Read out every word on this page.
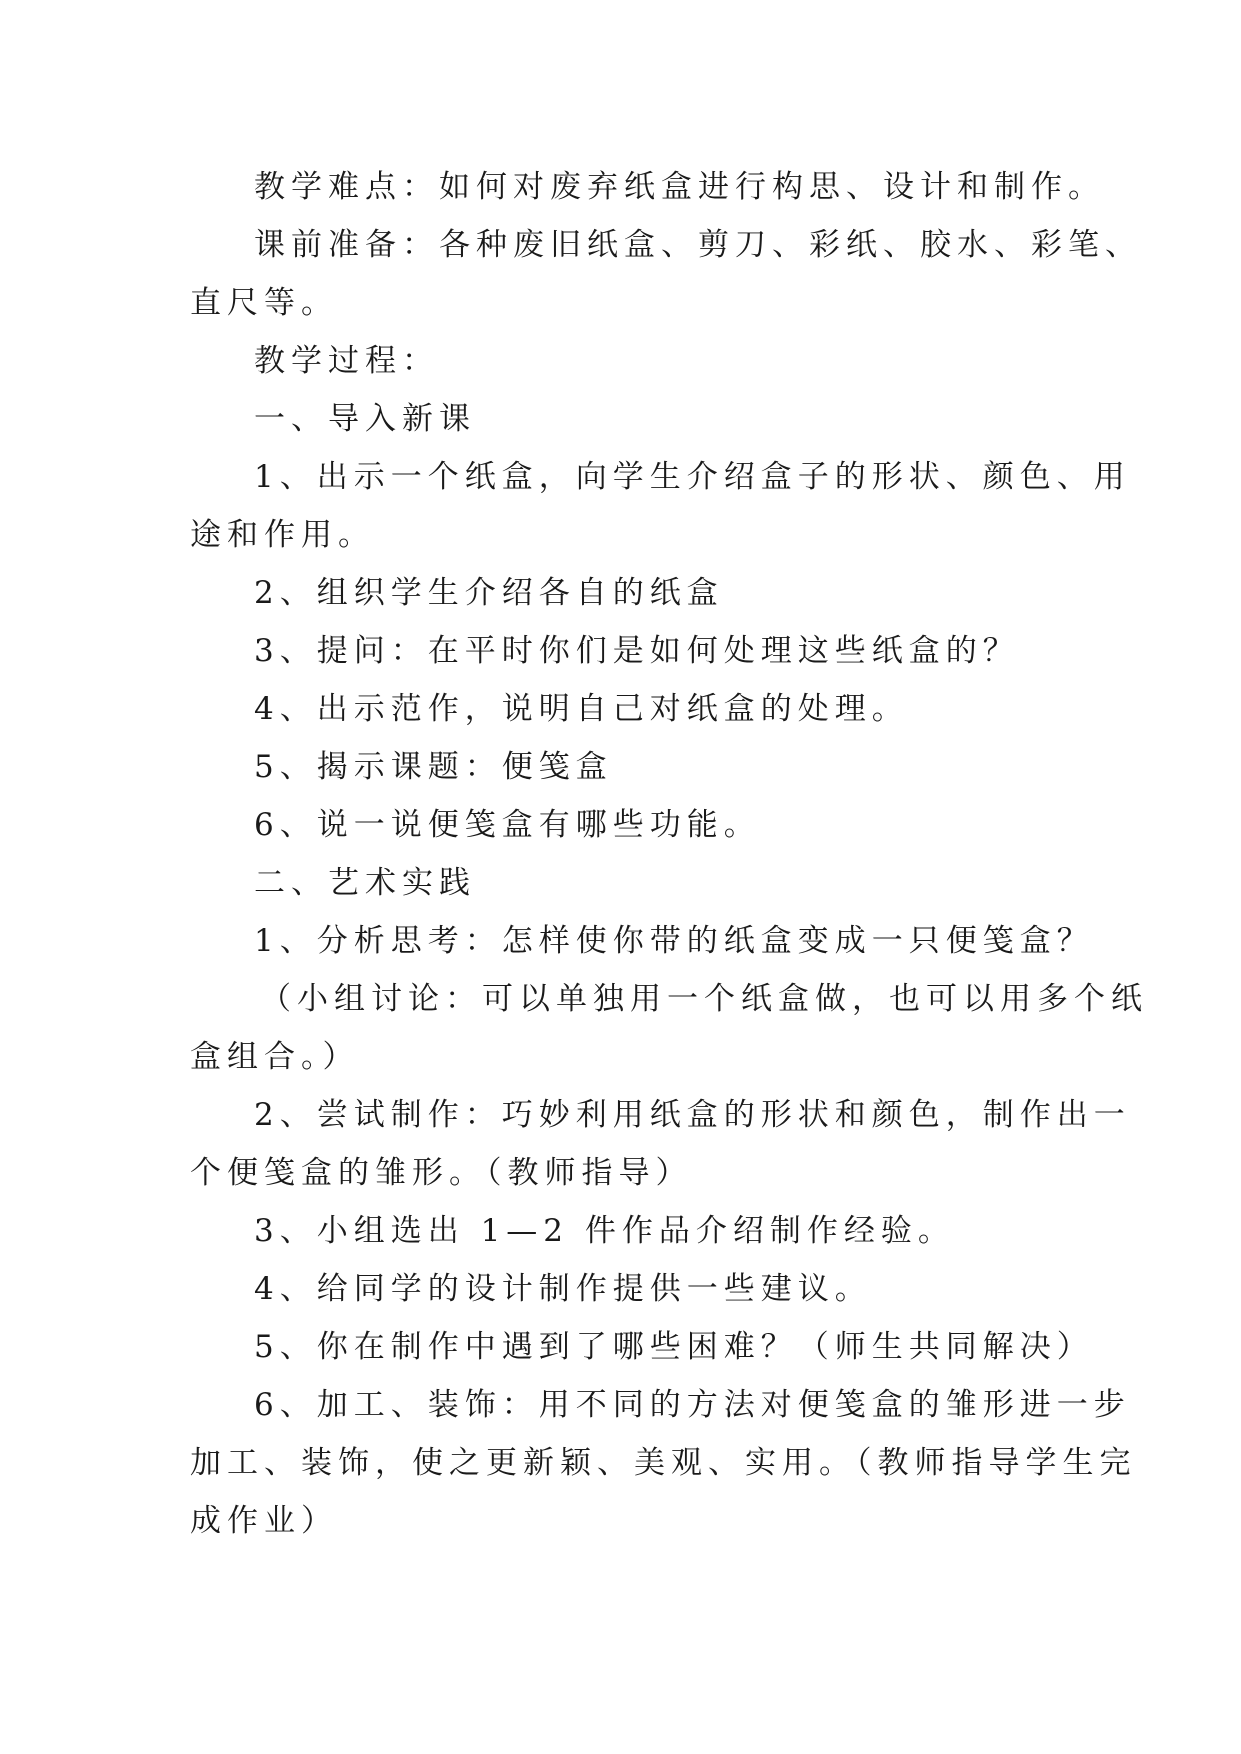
教学难点：如何对废弃纸盒进行构思、设计和制作。
课前准备：各种废旧纸盒、剪刀、彩纸、胶水、彩笔、
直尺等。
教学过程：
一、导入新课
1、出示一个纸盒，向学生介绍盒子的形状、颜色、用
途和作用。
2、组织学生介绍各自的纸盒
3、提问：在平时你们是如何处理这些纸盒的？
4、出示范作，说明自己对纸盒的处理。
5、揭示课题：便笺盒
6、说一说便笺盒有哪些功能。
二、艺术实践
1、分析思考：怎样使你带的纸盒变成一只便笺盒？
（小组讨论：可以单独用一个纸盒做，也可以用多个纸
盒组合。）
2、尝试制作：巧妙利用纸盒的形状和颜色，制作出一
个便笺盒的雏形。（教师指导）
3、小组选出 1—2 件作品介绍制作经验。
4、给同学的设计制作提供一些建议。
5、你在制作中遇到了哪些困难？（师生共同解决）
6、加工、装饰：用不同的方法对便笺盒的雏形进一步
加工、装饰，使之更新颖、美观、实用。（教师指导学生完
成作业）
